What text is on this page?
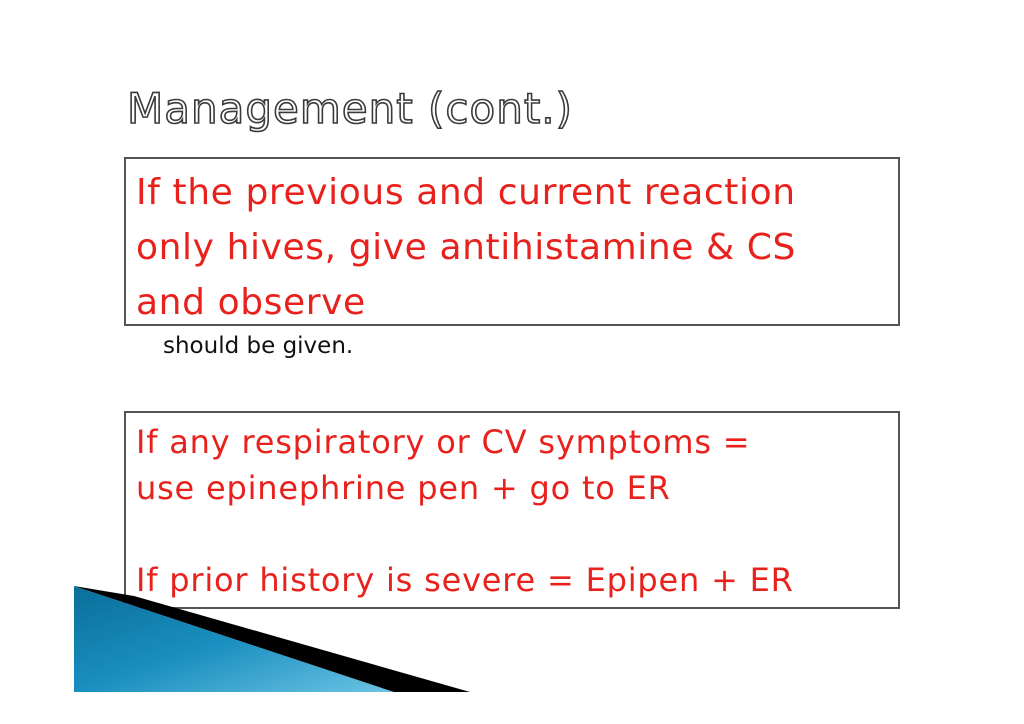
Management (cont.)
should be given.

If the previous and current reaction

only hives, give antihistamine & CS

and observe

If any respiratory or CV symptoms =

use epinephrine pen + go to ER

If prior history is severe = Epipen + ER
